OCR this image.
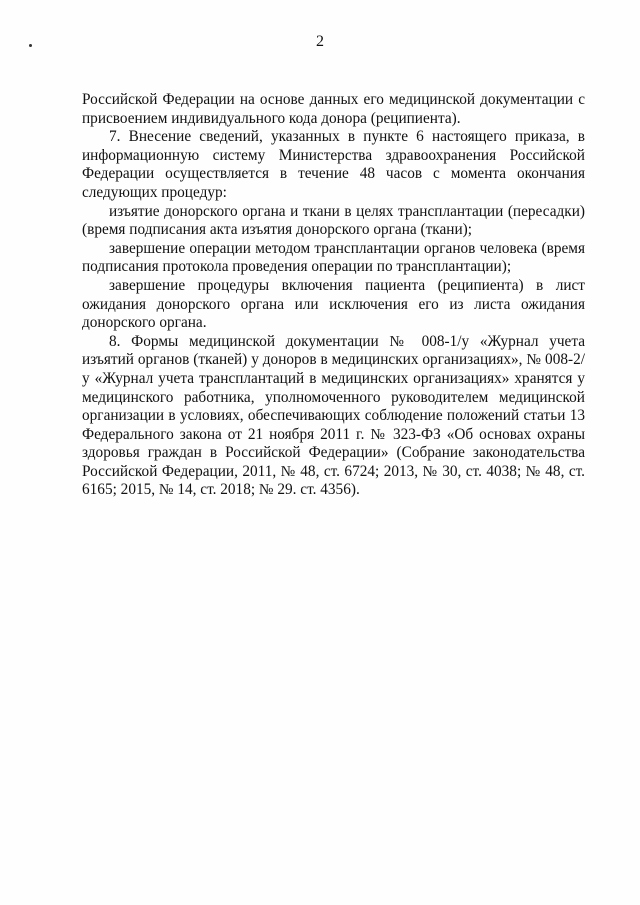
2

Российской Федерации на основе данных его медицинской документации с присвоением индивидуального кода донора (реципиента).

7. Внесение сведений, указанных в пункте 6 настоящего приказа, в информационную систему Министерства здравоохранения Российской Федерации осуществляется в течение 48 часов с момента окончания следующих процедур:

изъятие донорского органа и ткани в целях трансплантации (пересадки) (время подписания акта изъятия донорского органа (ткани);

завершение операции методом трансплантации органов человека (время подписания протокола проведения операции по трансплантации);

завершение процедуры включения пациента (реципиента) в лист ожидания донорского органа или исключения его из листа ожидания донорского органа.

8. Формы медицинской документации № 008-1/у «Журнал учета изъятий органов (тканей) у доноров в медицинских организациях», № 008-2/у «Журнал учета трансплантаций в медицинских организациях» хранятся у медицинского работника, уполномоченного руководителем медицинской организации в условиях, обеспечивающих соблюдение положений статьи 13 Федерального закона от 21 ноября 2011 г. № 323-ФЗ «Об основах охраны здоровья граждан в Российской Федерации» (Собрание законодательства Российской Федерации, 2011, № 48, ст. 6724; 2013, № 30, ст. 4038; № 48, ст. 6165; 2015, № 14, ст. 2018; № 29. ст. 4356).
